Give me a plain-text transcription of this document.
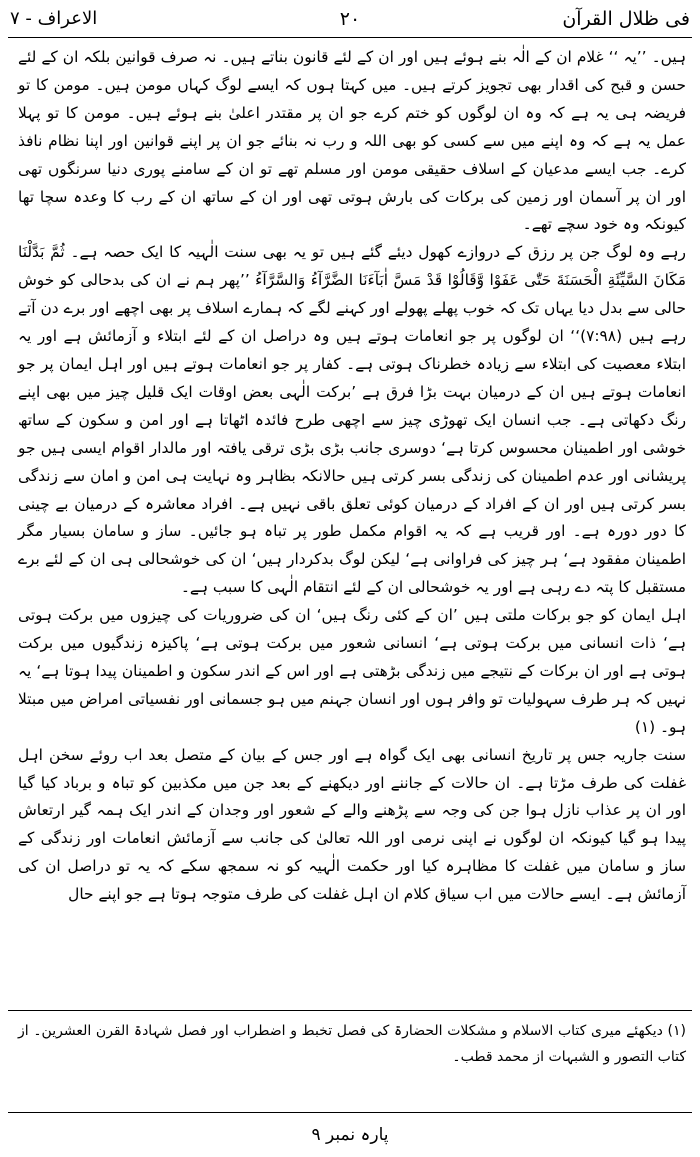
فی ظلال القرآن
۲۰
الاعراف - ۷

ہیں۔ ’’یہ ‘‘ غلام ان کے الٰہ بنے ہوئے ہیں اور ان کے لئے قانون بناتے ہیں۔ نہ صرف قوانین بلکہ ان کے لئے حسن و قبح کی اقدار بھی تجویز کرتے ہیں۔ میں کہتا ہوں کہ ایسے لوگ کہاں مومن ہیں۔ مومن کا تو فریضہ ہی یہ ہے کہ وہ ان لوگوں کو ختم کرے جو ان پر مقتدر اعلیٰ بنے ہوئے ہیں۔ مومن کا تو پہلا عمل یہ ہے کہ وہ اپنے میں سے کسی کو بھی اللہ و رب نہ بنائے جو ان پر اپنے قوانین اور اپنا نظام نافذ کرے۔ جب ایسے مدعیان کے اسلاف حقیقی مومن اور مسلم تھے تو ان کے سامنے پوری دنیا سرنگوں تھی اور ان پر آسمان اور زمین کی برکات کی بارش ہوتی تھی اور ان کے ساتھ ان کے رب کا وعدہ سچا تھا کیونکہ وہ خود سچے تھے۔

رہے وہ لوگ جن پر رزق کے دروازے کھول دیئے گئے ہیں تو یہ بھی سنت الٰہیہ کا ایک حصہ ہے۔ ثُمَّ بَدَّلْنَا مَكَانَ السَّيِّئَةِ الْحَسَنَةَ حَتّٰى عَفَوْا وَّقَالُوْا قَدْ مَسَّ اٰبَآءَنَا الضَّرَّآءُ وَالسَّرَّآءُ ’’پھر ہم نے ان کی بدحالی کو خوش حالی سے بدل دیا یہاں تک کہ خوب پھلے پھولے اور کہنے لگے کہ ہمارے اسلاف پر بھی اچھے اور برے دن آتے رہے ہیں (۷:۹۸)‘‘ ان لوگوں پر جو انعامات ہوتے ہیں وہ دراصل ان کے لئے ابتلاء و آزمائش ہے اور یہ ابتلاء معصیت کی ابتلاء سے زیادہ خطرناک ہوتی ہے۔ کفار پر جو انعامات ہوتے ہیں اور اہل ایمان پر جو انعامات ہوتے ہیں ان کے درمیان بہت بڑا فرق ہے ’برکت الٰہی بعض اوقات ایک قلیل چیز میں بھی اپنے رنگ دکھاتی ہے۔ جب انسان ایک تھوڑی چیز سے اچھی طرح فائدہ اٹھاتا ہے اور امن و سکون کے ساتھ خوشی اور اطمینان محسوس کرتا ہے‘ دوسری جانب بڑی بڑی ترقی یافتہ اور مالدار اقوام ایسی ہیں جو پریشانی اور عدم اطمینان کی زندگی بسر کرتی ہیں حالانکہ بظاہر وہ نہایت ہی امن و امان سے زندگی بسر کرتی ہیں اور ان کے افراد کے درمیان کوئی تعلق باقی نہیں ہے۔ افراد معاشرہ کے درمیان بے چینی کا دور دورہ ہے۔ اور قریب ہے کہ یہ اقوام مکمل طور پر تباہ ہو جائیں۔ ساز و سامان بسیار مگر اطمینان مفقود ہے‘ ہر چیز کی فراوانی ہے‘ لیکن لوگ بدکردار ہیں‘ ان کی خوشحالی ہی ان کے لئے برے مستقبل کا پتہ دے رہی ہے اور یہ خوشحالی ان کے لئے انتقام الٰہی کا سبب ہے۔

اہل ایمان کو جو برکات ملتی ہیں ’ان کے کئی رنگ ہیں‘ ان کی ضروریات کی چیزوں میں برکت ہوتی ہے‘ ذات انسانی میں برکت ہوتی ہے‘ انسانی شعور میں برکت ہوتی ہے‘ پاکیزہ زندگیوں میں برکت ہوتی ہے اور ان برکات کے نتیجے میں زندگی بڑھتی ہے اور اس کے اندر سکون و اطمینان پیدا ہوتا ہے‘ یہ نہیں کہ ہر طرف سہولیات تو وافر ہوں اور انسان جہنم میں ہو جسمانی اور نفسیاتی امراض میں مبتلا ہو۔ (۱)

سنت جاریہ جس پر تاریخ انسانی بھی ایک گواہ ہے اور جس کے بیان کے متصل بعد اب روئے سخن اہل غفلت کی طرف مڑتا ہے۔ ان حالات کے جاننے اور دیکھنے کے بعد جن میں مکذبین کو تباہ و برباد کیا گیا اور ان پر عذاب نازل ہوا جن کی وجہ سے پڑھنے والے کے شعور اور وجدان کے اندر ایک ہمہ گیر ارتعاش پیدا ہو گیا کیونکہ ان لوگوں نے اپنی نرمی اور اللہ تعالیٰ کی جانب سے آزمائش انعامات اور زندگی کے ساز و سامان میں غفلت کا مظاہرہ کیا اور حکمت الٰہیہ کو نہ سمجھ سکے کہ یہ تو دراصل ان کی آزمائش ہے۔ ایسے حالات میں اب سیاق کلام ان اہل غفلت کی طرف متوجہ ہوتا ہے جو اپنے حال

(۱) دیکھئے میری کتاب الاسلام و مشکلات الحضارۃ کی فصل تخبط و اضطراب اور فصل شہادۃ القرن العشرین۔ از کتاب التصور و الشبہات از محمد قطب۔
پارہ نمبر ۹
